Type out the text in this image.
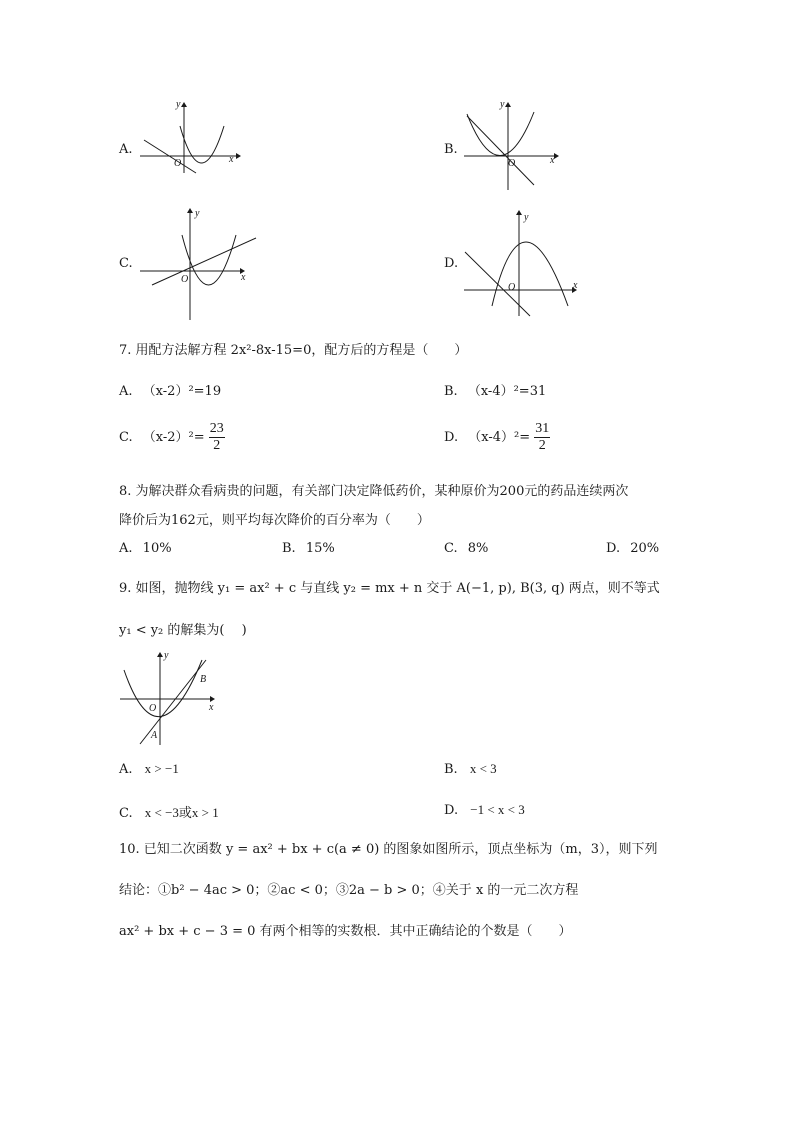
A.
x
y
O
B.
x
y
O
C.
x
y
O
D.
x
y
O
7. 用配方法解方程 2x²-8x-15=0，配方后的方程是（　　）
A. （x-2）²=19	B. （x-4）²=31
C. $(x-2)^2= \frac{23}{2}$	D. $(x-4)^2= \frac{31}{2}$
8. 为解决群众看病贵的问题，有关部门决定降低药价，某种原价为200元的药品连续两次
降价后为162元，则平均每次降价的百分率为（　　）
A. 10%	B. 15%	C. 8%	D. 20%
9. 如图，抛物线 y₁ = ax² + c 与直线 y₂ = mx + n 交于 A(−1, p), B(3, q) 两点，则不等式
y₁ < y₂ 的解集为(　 )
x
y
O
A
B
A. x > −1	B. x < 3
C. x < −3或x > 1	D. −1 < x < 3
10. 已知二次函数 y = ax² + bx + c(a ≠ 0) 的图象如图所示，顶点坐标为（m，3），则下列
结论：①b² − 4ac > 0；②ac < 0；③2a − b > 0；④关于 x 的一元二次方程
ax² + bx + c − 3 = 0 有两个相等的实数根．其中正确结论的个数是（　　）
